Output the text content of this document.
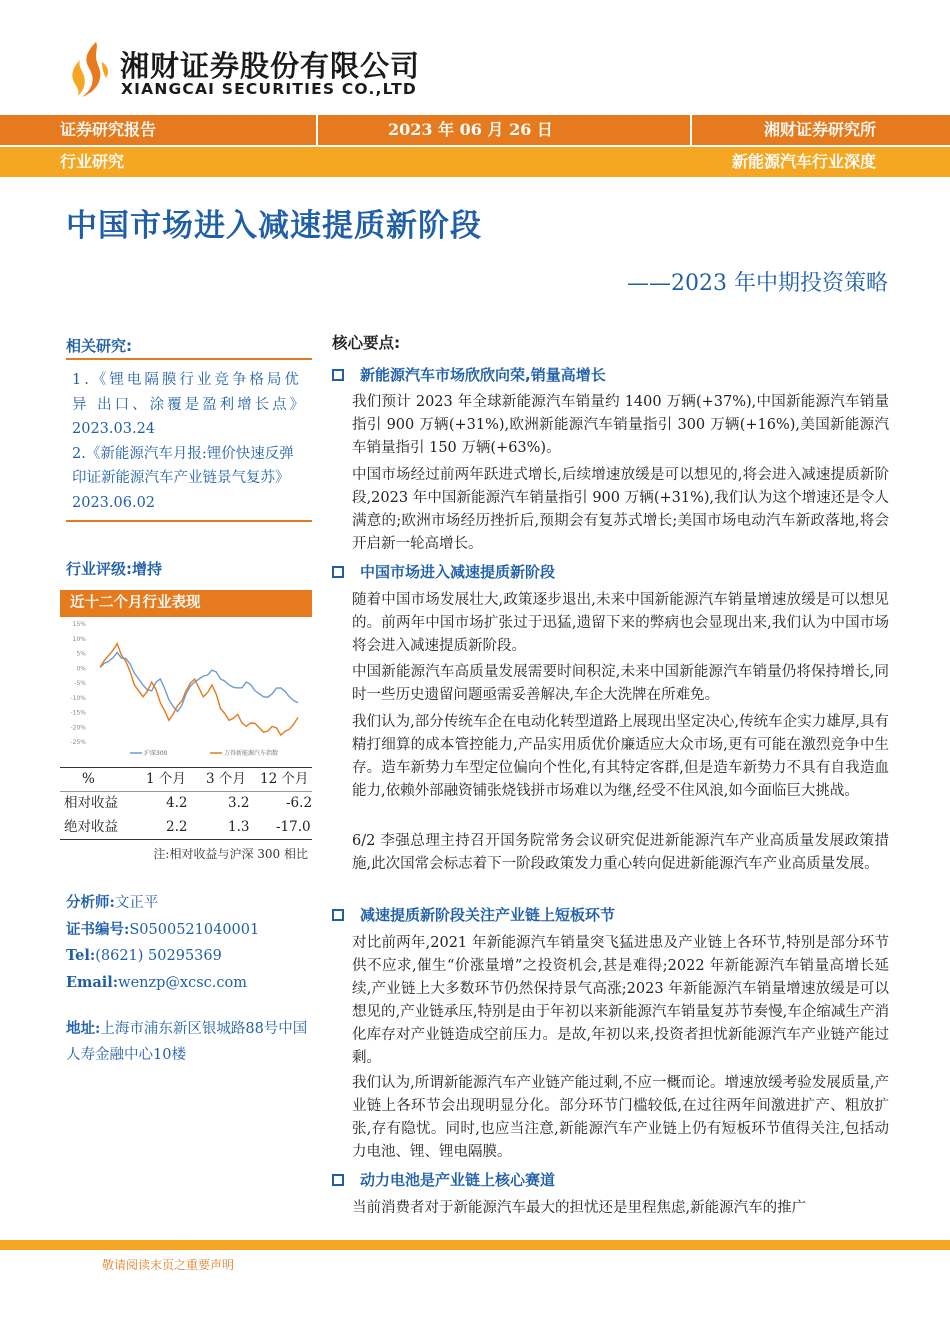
湘财证券股份有限公司
XIANGCAI SECURITIES CO.,LTD
证券研究报告	2023 年 06 月 26 日	湘财证券研究所
行业研究	新能源汽车行业深度
中国市场进入减速提质新阶段
——2023 年中期投资策略
相关研究:
1.《锂电隔膜行业竞争格局优异 出口、涂覆是盈利增长点》
2023.03.24
2.《新能源汽车月报:锂价快速反弹印证新能源汽车产业链景气复苏》2023.06.02
行业评级:增持
近十二个月行业表现
15%
10%
5%
0%
-5%
-10%
-15%
-20%
-25%
沪深300	万得新能源汽车指数
%	1 个月 3 个月 12 个月
相对收益	4.2	3.2	-6.2
绝对收益	2.2	1.3 -17.0
注:相对收益与沪深 300 相比
分析师:文正平
证书编号:S0500521040001
Tel:(8621) 50295369
Email:wenzp@xcsc.com
地址:上海市浦东新区银城路88号中国人寿金融中心10楼
核心要点:
新能源汽车市场欣欣向荣,销量高增长
我们预计 2023 年全球新能源汽车销量约 1400 万辆(+37%),中国新能源汽车销量指引 900 万辆(+31%),欧洲新能源汽车销量指引 300 万辆(+16%),美国新能源汽车销量指引 150 万辆(+63%)。
中国市场经过前两年跃进式增长,后续增速放缓是可以想见的,将会进入减速提质新阶段,2023 年中国新能源汽车销量指引 900 万辆(+31%),我们认为这个增速还是令人满意的;欧洲市场经历挫折后,预期会有复苏式增长;美国市场电动汽车新政落地,将会开启新一轮高增长。
中国市场进入减速提质新阶段
随着中国市场发展壮大,政策逐步退出,未来中国新能源汽车销量增速放缓是可以想见的。前两年中国市场扩张过于迅猛,遗留下来的弊病也会显现出来,我们认为中国市场将会进入减速提质新阶段。
中国新能源汽车高质量发展需要时间积淀,未来中国新能源汽车销量仍将保持增长,同时一些历史遗留问题亟需妥善解决,车企大洗牌在所难免。
我们认为,部分传统车企在电动化转型道路上展现出坚定决心,传统车企实力雄厚,具有精打细算的成本管控能力,产品实用质优价廉适应大众市场,更有可能在激烈竞争中生存。造车新势力车型定位偏向个性化,有其特定客群,但是造车新势力不具有自我造血能力,依赖外部融资铺张烧钱拼市场难以为继,经受不住风浪,如今面临巨大挑战。
6/2 李强总理主持召开国务院常务会议研究促进新能源汽车产业高质量发展政策措施,此次国常会标志着下一阶段政策发力重心转向促进新能源汽车产业高质量发展。
减速提质新阶段关注产业链上短板环节
对比前两年,2021 年新能源汽车销量突飞猛进患及产业链上各环节,特别是部分环节供不应求,催生“价涨量增”之投资机会,甚是难得;2022 年新能源汽车销量高增长延续,产业链上大多数环节仍然保持景气高涨;2023 年新能源汽车销量增速放缓是可以想见的,产业链承压,特别是由于年初以来新能源汽车销量复苏节奏慢,车企缩减生产消化库存对产业链造成空前压力。是故,年初以来,投资者担忧新能源汽车产业链产能过剩。
我们认为,所谓新能源汽车产业链产能过剩,不应一概而论。增速放缓考验发展质量,产业链上各环节会出现明显分化。部分环节门槛较低,在过往两年间激进扩产、粗放扩张,存有隐忧。同时,也应当注意,新能源汽车产业链上仍有短板环节值得关注,包括动力电池、锂、锂电隔膜。
动力电池是产业链上核心赛道
当前消费者对于新能源汽车最大的担忧还是里程焦虑,新能源汽车的推广
敬请阅读末页之重要声明
